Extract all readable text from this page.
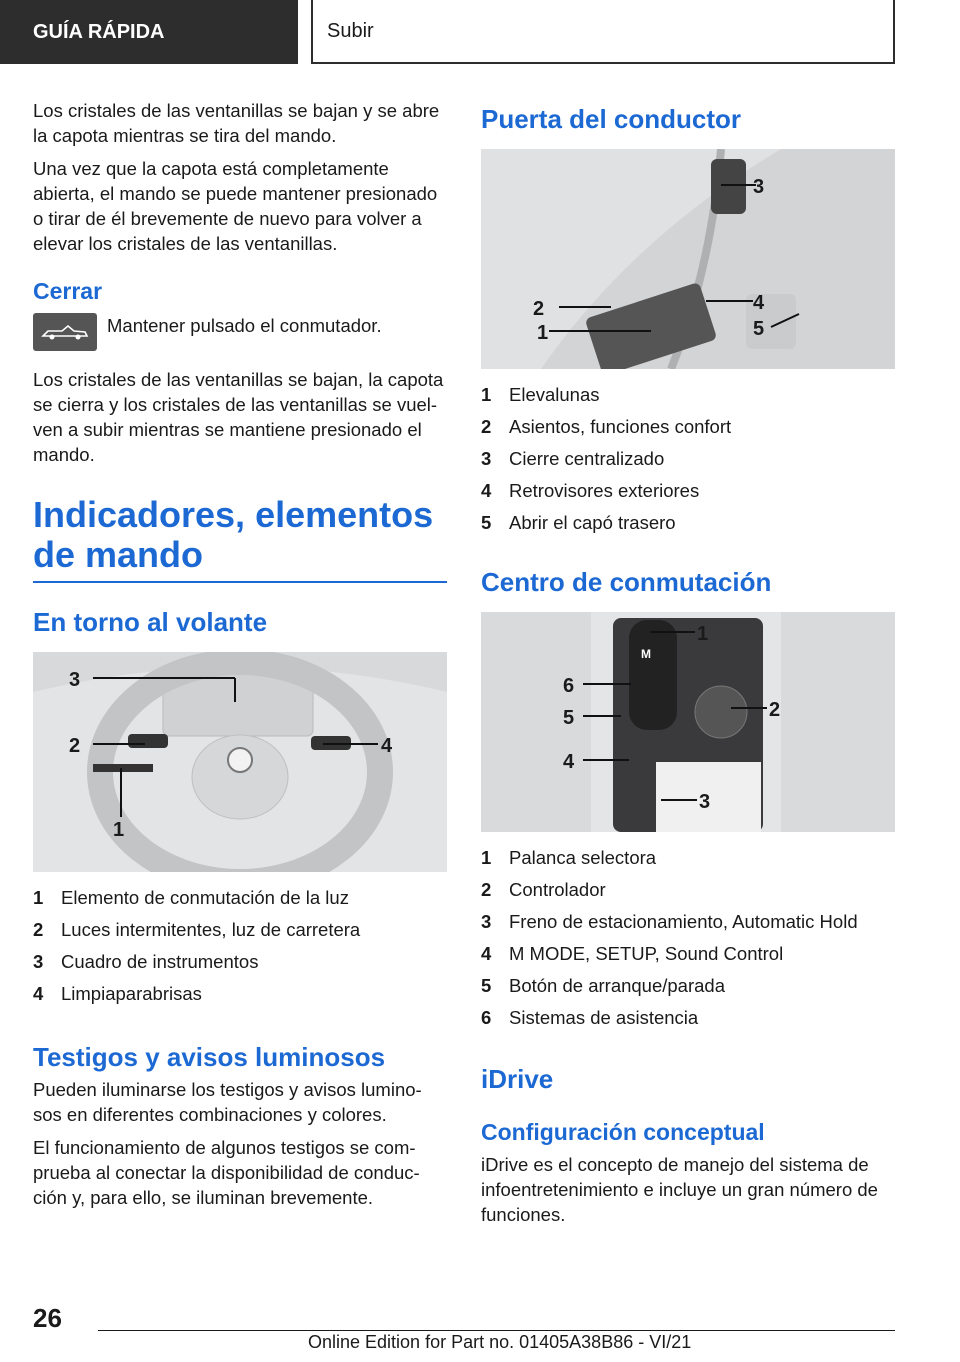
GUÍA RÁPIDA	Subir

Los cristales de las ventanillas se bajan y se abre la capota mientras se tira del mando.

Una vez que la capota está completamente abierta, el mando se puede mantener presionado o tirar de él brevemente de nuevo para volver a elevar los cristales de las ventanillas.

Cerrar

Mantener pulsado el conmutador.

Los cristales de las ventanillas se bajan, la capota se cierra y los cristales de las ventanillas se vuel- ven a subir mientras se mantiene presionado el mando.

Indicadores, elementos de mando
En torno al volante
3
2	4
1
1 Elemento de conmutación de la luz
2 Luces intermitentes, luz de carretera
3 Cuadro de instrumentos
4 Limpiaparabrisas
Testigos y avisos luminosos

Pueden iluminarse los testigos y avisos lumino- sos en diferentes combinaciones y colores.

El funcionamiento de algunos testigos se com- prueba al conectar la disponibilidad de conduc- ción y, para ello, se iluminan brevemente.

Puerta del conductor
3
2	4
1	5
1 Elevalunas
2 Asientos, funciones confort
3 Cierre centralizado
4 Retrovisores exteriores
5 Abrir el capó trasero
Centro de conmutación
M
1
6
5	2
4
3
1 Palanca selectora
2 Controlador
3 Freno de estacionamiento, Automatic Hold
4 M MODE, SETUP, Sound Control
5 Botón de arranque/parada
6 Sistemas de asistencia
iDrive
Configuración conceptual

iDrive es el concepto de manejo del sistema de infoentretenimiento e incluye un gran número de funciones.

26
Online Edition for Part no. 01405A38B86 - VI/21
